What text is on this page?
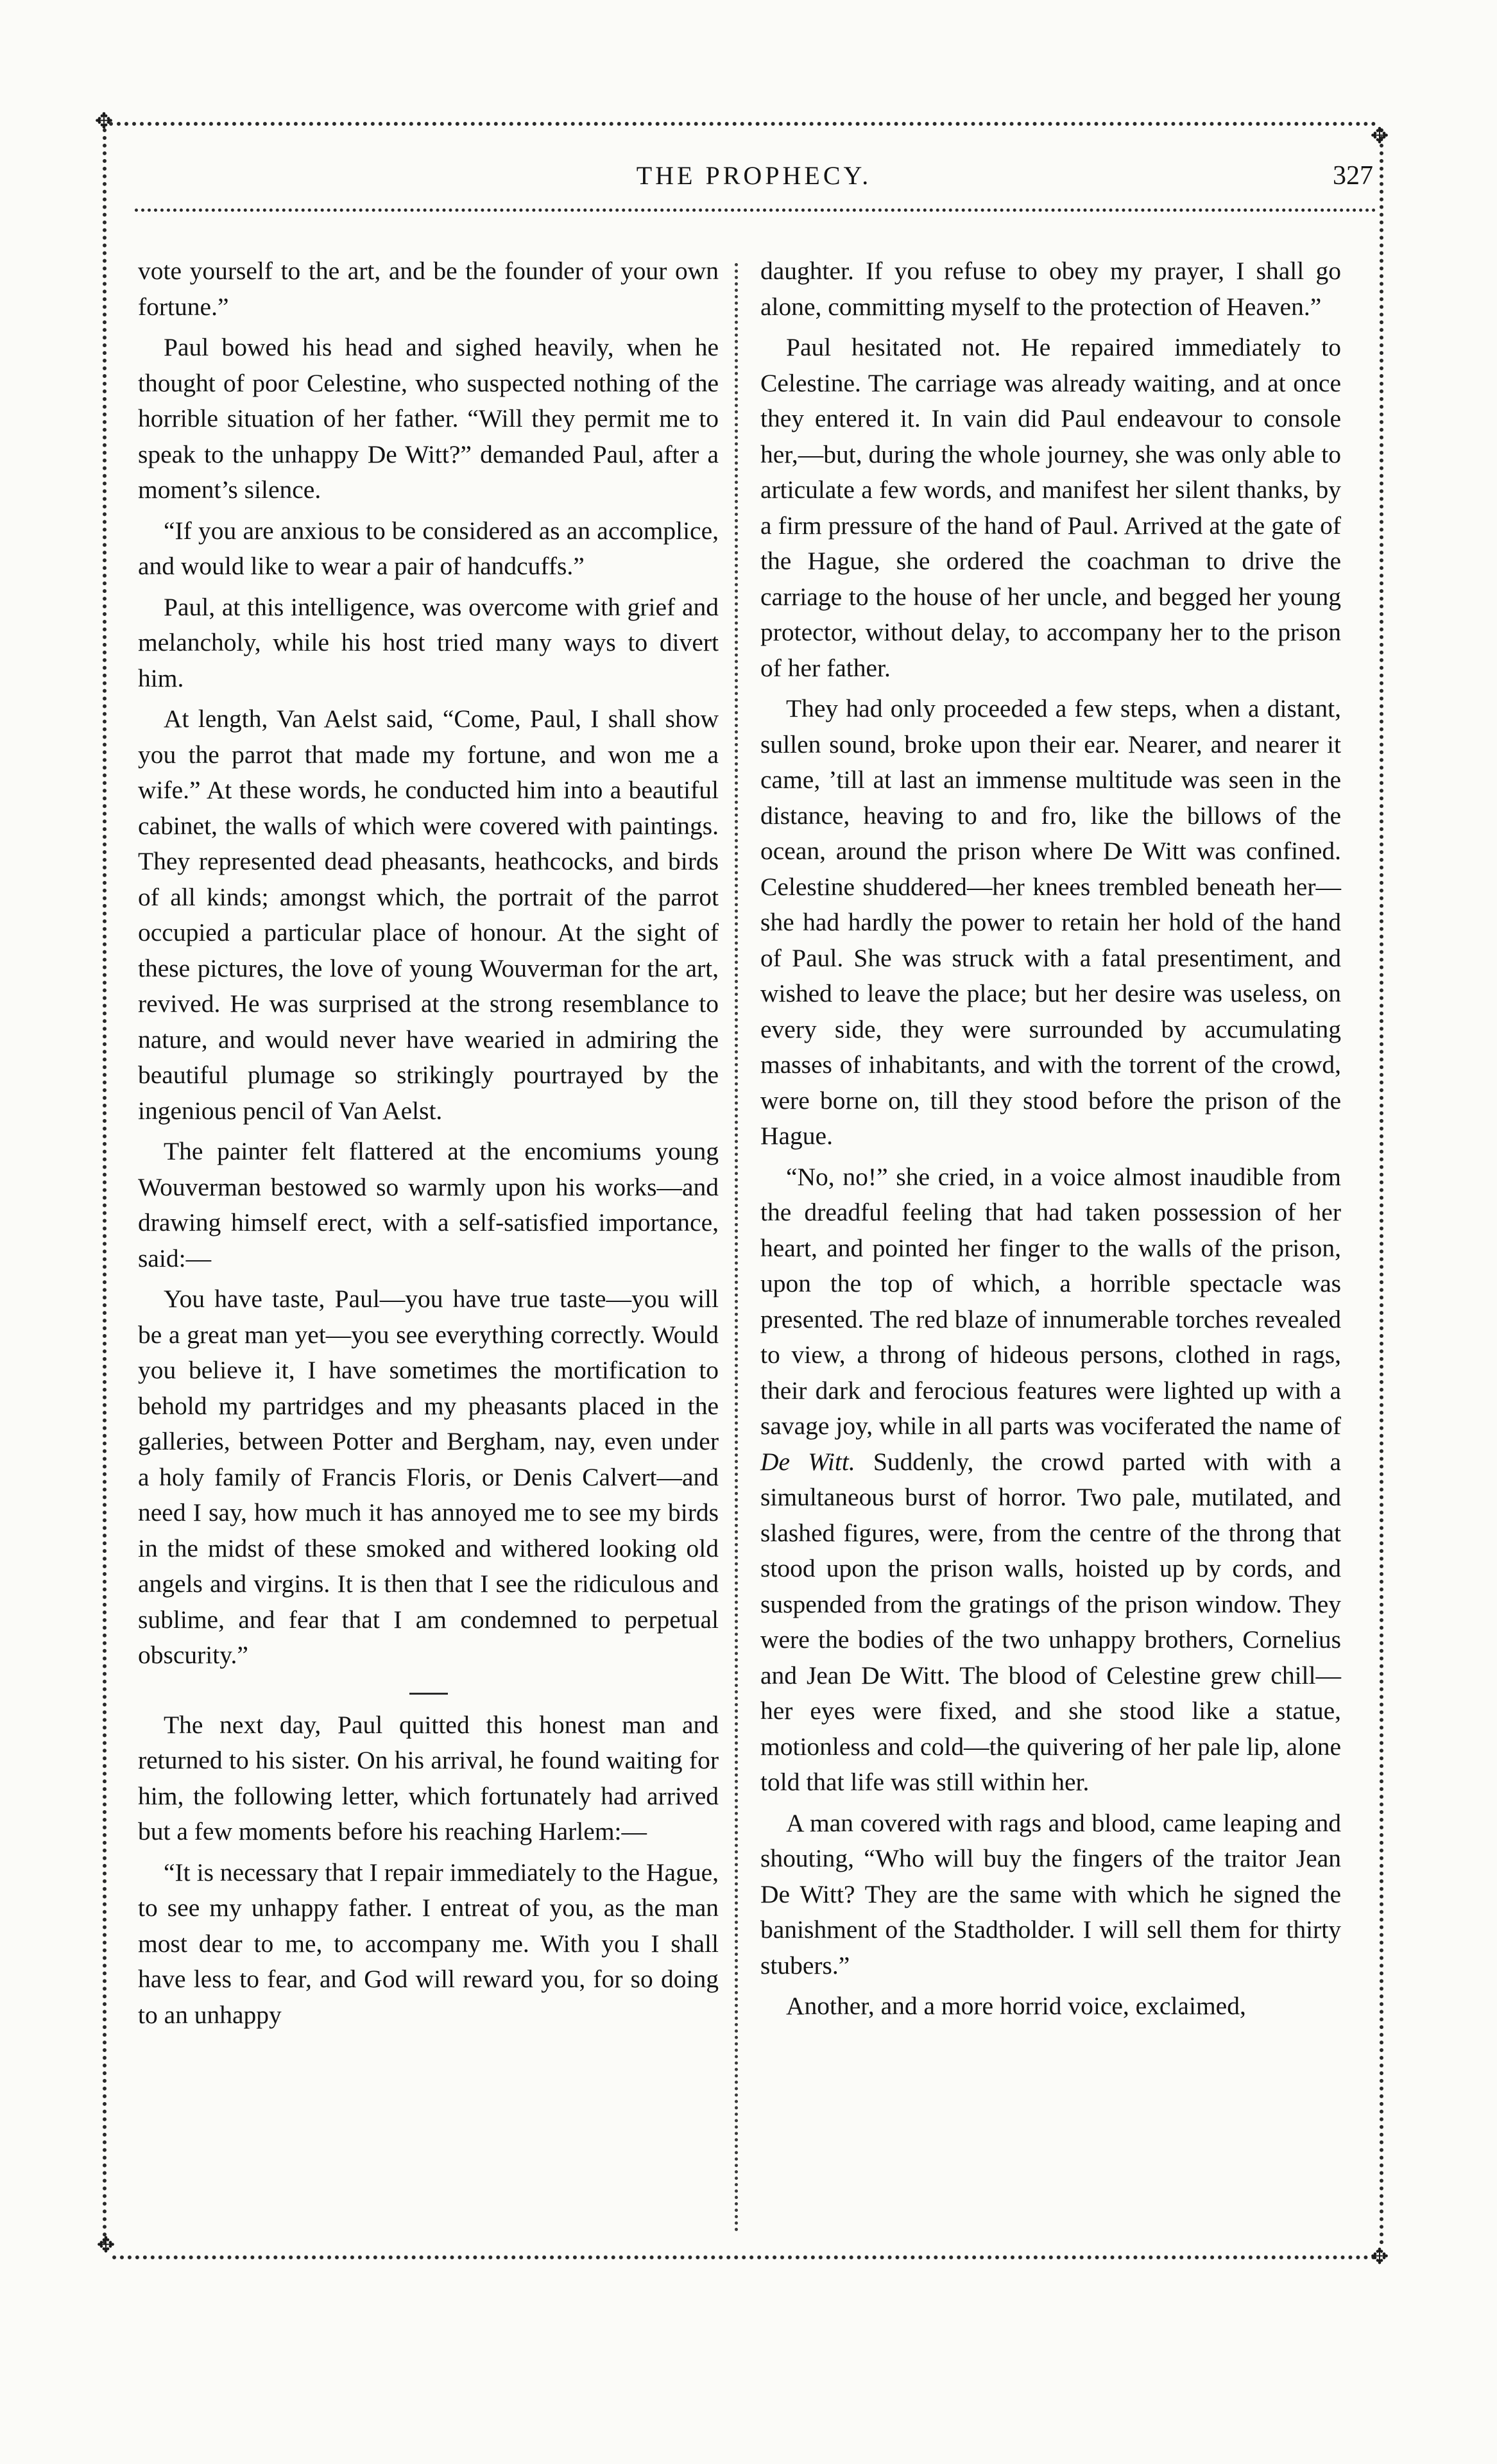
✥
✥
✥	✥
THE PROPHECY.	327

vote yourself to the art, and be the founder of your own fortune.”

Paul bowed his head and sighed heavily, when he thought of poor Celestine, who suspected nothing of the horrible situation of her father. “Will they permit me to speak to the unhappy De Witt?” demanded Paul, after a moment’s silence.

“If you are anxious to be considered as an accomplice, and would like to wear a pair of handcuffs.”

Paul, at this intelligence, was overcome with grief and melancholy, while his host tried many ways to divert him.

At length, Van Aelst said, “Come, Paul, I shall show you the parrot that made my fortune, and won me a wife.” At these words, he conducted him into a beautiful cabinet, the walls of which were covered with paintings. They represented dead pheasants, heathcocks, and birds of all kinds; amongst which, the portrait of the parrot occupied a particular place of honour. At the sight of these pictures, the love of young Wouverman for the art, revived. He was surprised at the strong resemblance to nature, and would never have wearied in admiring the beautiful plumage so strikingly pourtrayed by the ingenious pencil of Van Aelst.

The painter felt flattered at the encomiums young Wouverman bestowed so warmly upon his works—and drawing himself erect, with a self-satisfied importance, said:—

You have taste, Paul—you have true taste—you will be a great man yet—you see everything correctly. Would you believe it, I have sometimes the mortification to behold my partridges and my pheasants placed in the galleries, between Potter and Bergham, nay, even under a holy family of Francis Floris, or Denis Calvert—and need I say, how much it has annoyed me to see my birds in the midst of these smoked and withered looking old angels and virgins. It is then that I see the ridiculous and sublime, and fear that I am condemned to perpetual obscurity.”

The next day, Paul quitted this honest man and returned to his sister. On his arrival, he found waiting for him, the following letter, which fortunately had arrived but a few moments before his reaching Harlem:—

“It is necessary that I repair immediately to the Hague, to see my unhappy father. I entreat of you, as the man most dear to me, to accompany me. With you I shall have less to fear, and God will reward you, for so doing to an unhappy

daughter. If you refuse to obey my prayer, I shall go alone, committing myself to the protection of Heaven.”

Paul hesitated not. He repaired immediately to Celestine. The carriage was already waiting, and at once they entered it. In vain did Paul endeavour to console her,—but, during the whole journey, she was only able to articulate a few words, and manifest her silent thanks, by a firm pressure of the hand of Paul. Arrived at the gate of the Hague, she ordered the coachman to drive the carriage to the house of her uncle, and begged her young protector, without delay, to accompany her to the prison of her father.

They had only proceeded a few steps, when a distant, sullen sound, broke upon their ear. Nearer, and nearer it came, ’till at last an immense multitude was seen in the distance, heaving to and fro, like the billows of the ocean, around the prison where De Witt was confined. Celestine shuddered—her knees trembled beneath her—she had hardly the power to retain her hold of the hand of Paul. She was struck with a fatal presentiment, and wished to leave the place; but her desire was useless, on every side, they were surrounded by accumulating masses of inhabitants, and with the torrent of the crowd, were borne on, till they stood before the prison of the Hague.

“No, no!” she cried, in a voice almost inaudible from the dreadful feeling that had taken possession of her heart, and pointed her finger to the walls of the prison, upon the top of which, a horrible spectacle was presented. The red blaze of innumerable torches revealed to view, a throng of hideous persons, clothed in rags, their dark and ferocious features were lighted up with a savage joy, while in all parts was vociferated the name of De Witt. Suddenly, the crowd parted with with a simultaneous burst of horror. Two pale, mutilated, and slashed figures, were, from the centre of the throng that stood upon the prison walls, hoisted up by cords, and suspended from the gratings of the prison window. They were the bodies of the two unhappy brothers, Cornelius and Jean De Witt. The blood of Celestine grew chill—her eyes were fixed, and she stood like a statue, motionless and cold—the quivering of her pale lip, alone told that life was still within her.

A man covered with rags and blood, came leaping and shouting, “Who will buy the fingers of the traitor Jean De Witt? They are the same with which he signed the banishment of the Stadtholder. I will sell them for thirty stubers.”

Another, and a more horrid voice, exclaimed,
